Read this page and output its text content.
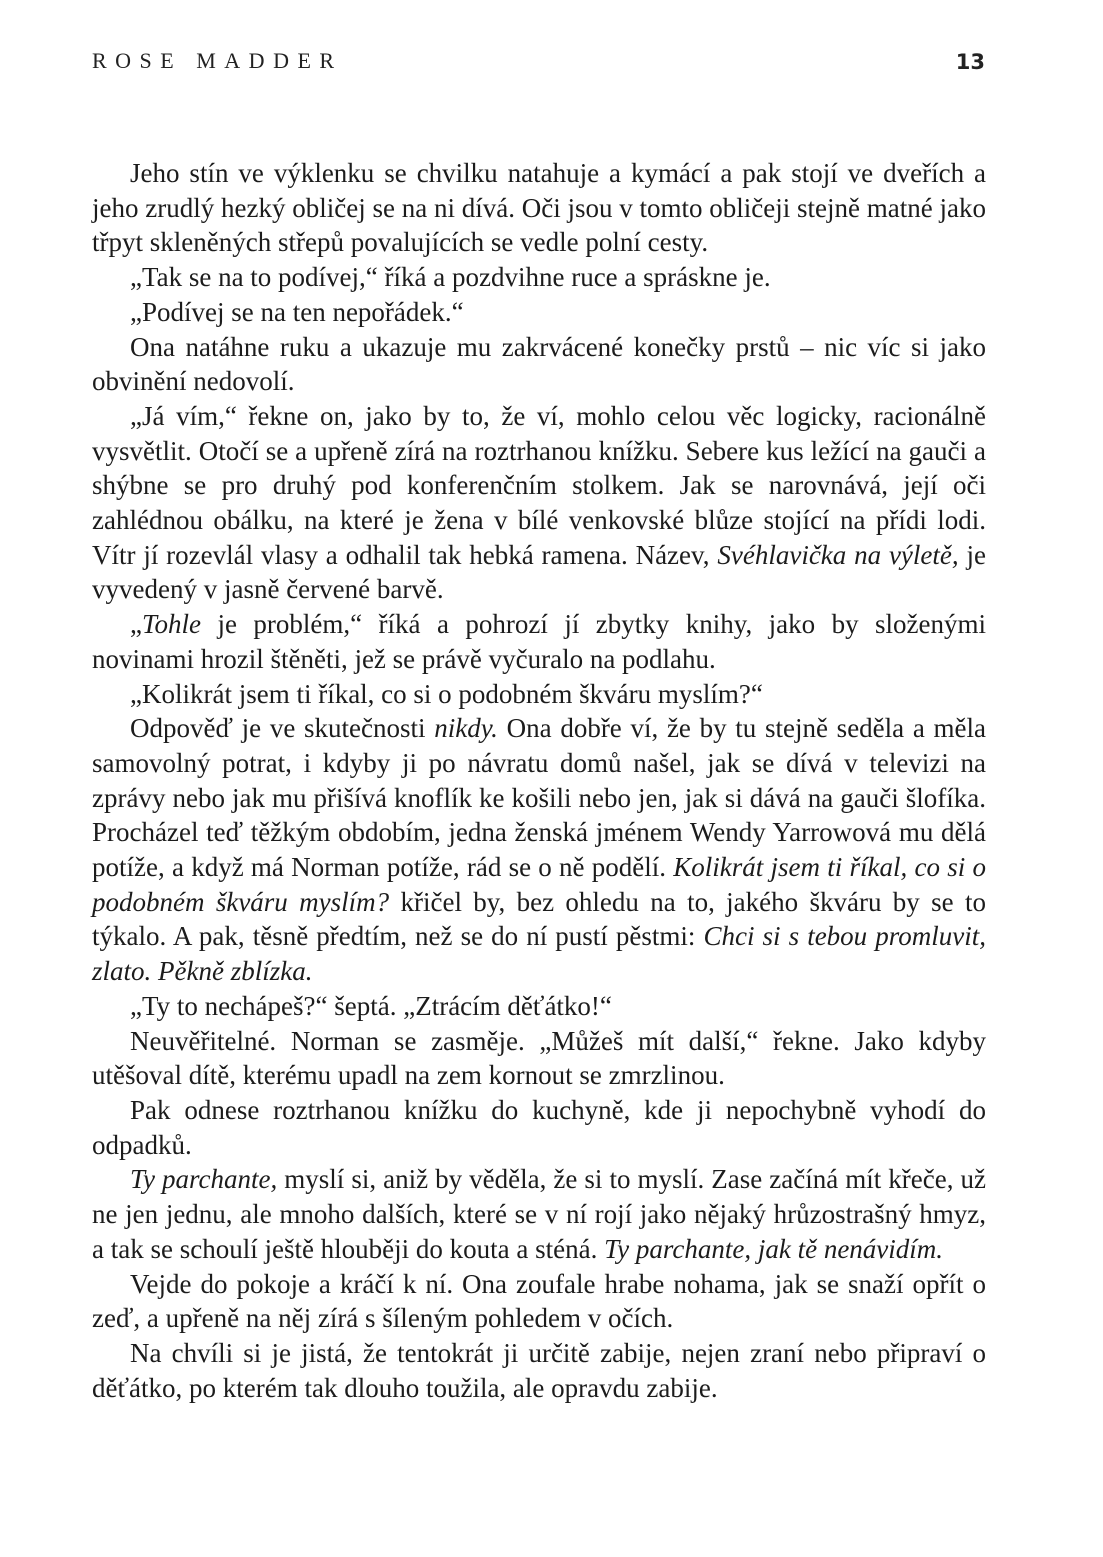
ROSE MADDER	13

Jeho stín ve výklenku se chvilku natahuje a kymácí a pak stojí ve dveřích a jeho zrudlý hezký obličej se na ni dívá. Oči jsou v tomto obličeji stejně matné jako třpyt skleněných střepů povalujících se vedle polní cesty.

„Tak se na to podívej,“ říká a pozdvihne ruce a spráskne je.

„Podívej se na ten nepořádek.“

Ona natáhne ruku a ukazuje mu zakrvácené konečky prstů – nic víc si jako obvinění nedovolí.

„Já vím,“ řekne on, jako by to, že ví, mohlo celou věc logicky, racionálně vysvětlit. Otočí se a upřeně zírá na roztrhanou knížku. Sebere kus ležící na gauči a shýbne se pro druhý pod konferenčním stolkem. Jak se narovnává, její oči zahlédnou obálku, na které je žena v bílé venkovské blůze stojící na přídi lodi. Vítr jí rozevlál vlasy a odhalil tak hebká ramena. Název, Svéhlavička na výletě, je vyvedený v jasně červené barvě.

„Tohle je problém,“ říká a pohrozí jí zbytky knihy, jako by složenými novinami hrozil štěněti, jež se právě vyčuralo na podlahu.

„Kolikrát jsem ti říkal, co si o podobném škváru myslím?“

Odpověď je ve skutečnosti nikdy. Ona dobře ví, že by tu stejně seděla a měla samovolný potrat, i kdyby ji po návratu domů našel, jak se dívá v televizi na zprávy nebo jak mu přišívá knoflík ke košili nebo jen, jak si dává na gauči šlofíka. Procházel teď těžkým obdobím, jedna ženská jménem Wendy Yarrowová mu dělá potíže, a když má Norman potíže, rád se o ně podělí. Kolikrát jsem ti říkal, co si o podobném škváru myslím? křičel by, bez ohledu na to, jakého škváru by se to týkalo. A pak, těsně předtím, než se do ní pustí pěstmi: Chci si s tebou promluvit, zlato. Pěkně zblízka.

„Ty to nechápeš?“ šeptá. „Ztrácím děťátko!“

Neuvěřitelné. Norman se zasměje. „Můžeš mít další,“ řekne. Jako kdyby utěšoval dítě, kterému upadl na zem kornout se zmrzlinou.

Pak odnese roztrhanou knížku do kuchyně, kde ji nepochybně vyhodí do odpadků.

Ty parchante, myslí si, aniž by věděla, že si to myslí. Zase začíná mít křeče, už ne jen jednu, ale mnoho dalších, které se v ní rojí jako nějaký hrůzostrašný hmyz, a tak se schoulí ještě hlouběji do kouta a sténá. Ty parchante, jak tě nenávidím.

Vejde do pokoje a kráčí k ní. Ona zoufale hrabe nohama, jak se snaží opřít o zeď, a upřeně na něj zírá s šíleným pohledem v očích.

Na chvíli si je jistá, že tentokrát ji určitě zabije, nejen zraní nebo připraví o děťátko, po kterém tak dlouho toužila, ale opravdu zabije.
